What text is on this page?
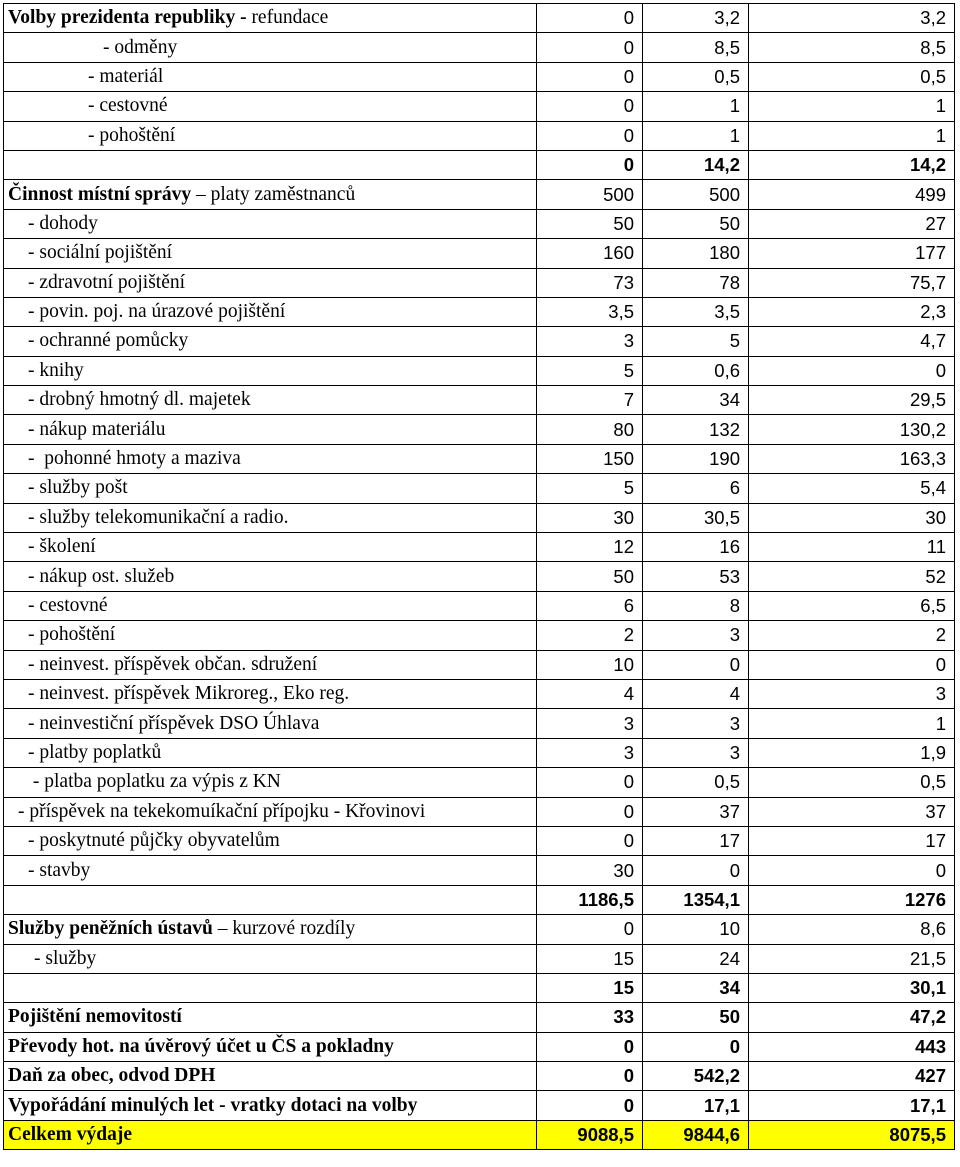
Volby prezidenta republiky - refundace	0	3,2	3,2
- odměny	0	8,5	8,5
- materiál	0	0,5	0,5
- cestovné	0	1	1
- pohoštění	0	1	1
	0	14,2	14,2
Činnost místní správy – platy zaměstnanců	500	500	499
- dohody	50	50	27
- sociální pojištění	160	180	177
- zdravotní pojištění	73	78	75,7
- povin. poj. na úrazové pojištění	3,5	3,5	2,3
- ochranné pomůcky	3	5	4,7
- knihy	5	0,6	0
- drobný hmotný dl. majetek	7	34	29,5
- nákup materiálu	80	132	130,2
-  pohonné hmoty a maziva	150	190	163,3
- služby pošt	5	6	5,4
- služby telekomunikační a radio.	30	30,5	30
- školení	12	16	11
- nákup ost. služeb	50	53	52
- cestovné	6	8	6,5
- pohoštění	2	3	2
- neinvest. příspěvek občan. sdružení	10	0	0
- neinvest. příspěvek Mikroreg., Eko reg.	4	4	3
- neinvestiční příspěvek DSO Úhlava	3	3	1
- platby poplatků	3	3	1,9
- platba poplatku za výpis z KN	0	0,5	0,5
- příspěvek na tekekomuíkační přípojku - Křovinovi	0	37	37
- poskytnuté půjčky obyvatelům	0	17	17
- stavby	30	0	0
	1186,5	1354,1	1276
Služby peněžních ústavů – kurzové rozdíly	0	10	8,6
- služby	15	24	21,5
	15	34	30,1
Pojištění nemovitostí	33	50	47,2
Převody hot. na úvěrový účet u ČS a pokladny	0	0	443
Daň za obec, odvod DPH	0	542,2	427
Vypořádání minulých let - vratky dotaci na volby	0	17,1	17,1
Celkem výdaje	9088,5	9844,6	8075,5
